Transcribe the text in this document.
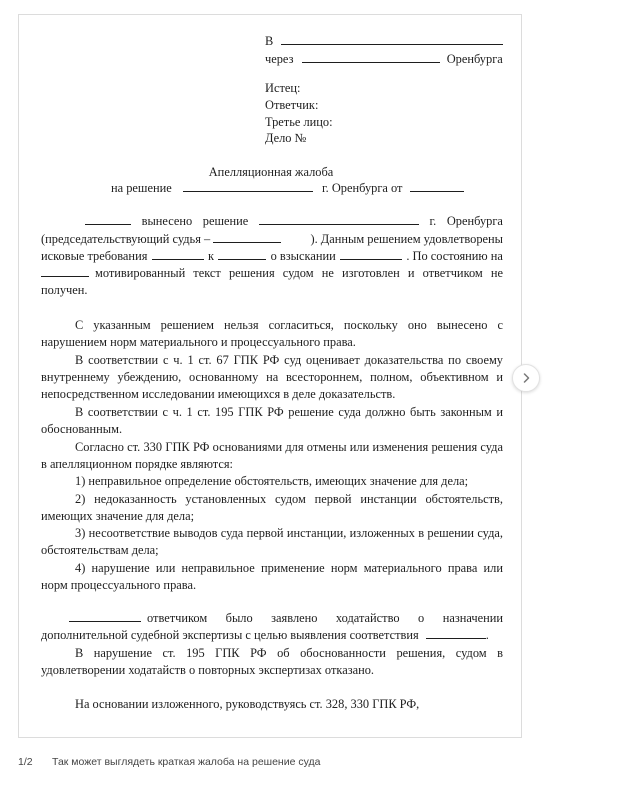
В
через	Оренбурга
Истец:
Ответчик:
Третье лицо:
Дело №
Апелляционная жалоба
на решение	г. Оренбурга от
вынесено решение	г. Оренбурга
(председательствующий судья –	). Данным решением удовлетворены
исковые требования	к	о взыскании	. По состоянию на
мотивированный текст решения судом не изготовлен и ответчиком не
получен.
С указанным решением нельзя согласиться, поскольку оно вынесено с
нарушением норм материального и процессуального права.
В соответствии с ч. 1 ст. 67 ГПК РФ суд оценивает доказательства по своему
внутреннему убеждению, основанному на всестороннем, полном, объективном и
непосредственном исследовании имеющихся в деле доказательств.
В соответствии с ч. 1 ст. 195 ГПК РФ решение суда должно быть законным и
обоснованным.
Согласно ст. 330 ГПК РФ основаниями для отмены или изменения решения суда
в апелляционном порядке являются:
1) неправильное определение обстоятельств, имеющих значение для дела;
2) недоказанность установленных судом первой инстанции обстоятельств,
имеющих значение для дела;
3) несоответствие выводов суда первой инстанции, изложенных в решении суда,
обстоятельствам дела;
4) нарушение или неправильное применение норм материального права или
норм процессуального права.
ответчиком было заявлено ходатайство о назначении
дополнительной судебной экспертизы с целью выявления соответствия	.
В нарушение ст. 195 ГПК РФ об обоснованности решения, судом в
удовлетворении ходатайств о повторных экспертизах отказано.
На основании изложенного, руководствуясь ст. 328, 330 ГПК РФ,
1/2 Так может выглядеть краткая жалоба на решение суда
